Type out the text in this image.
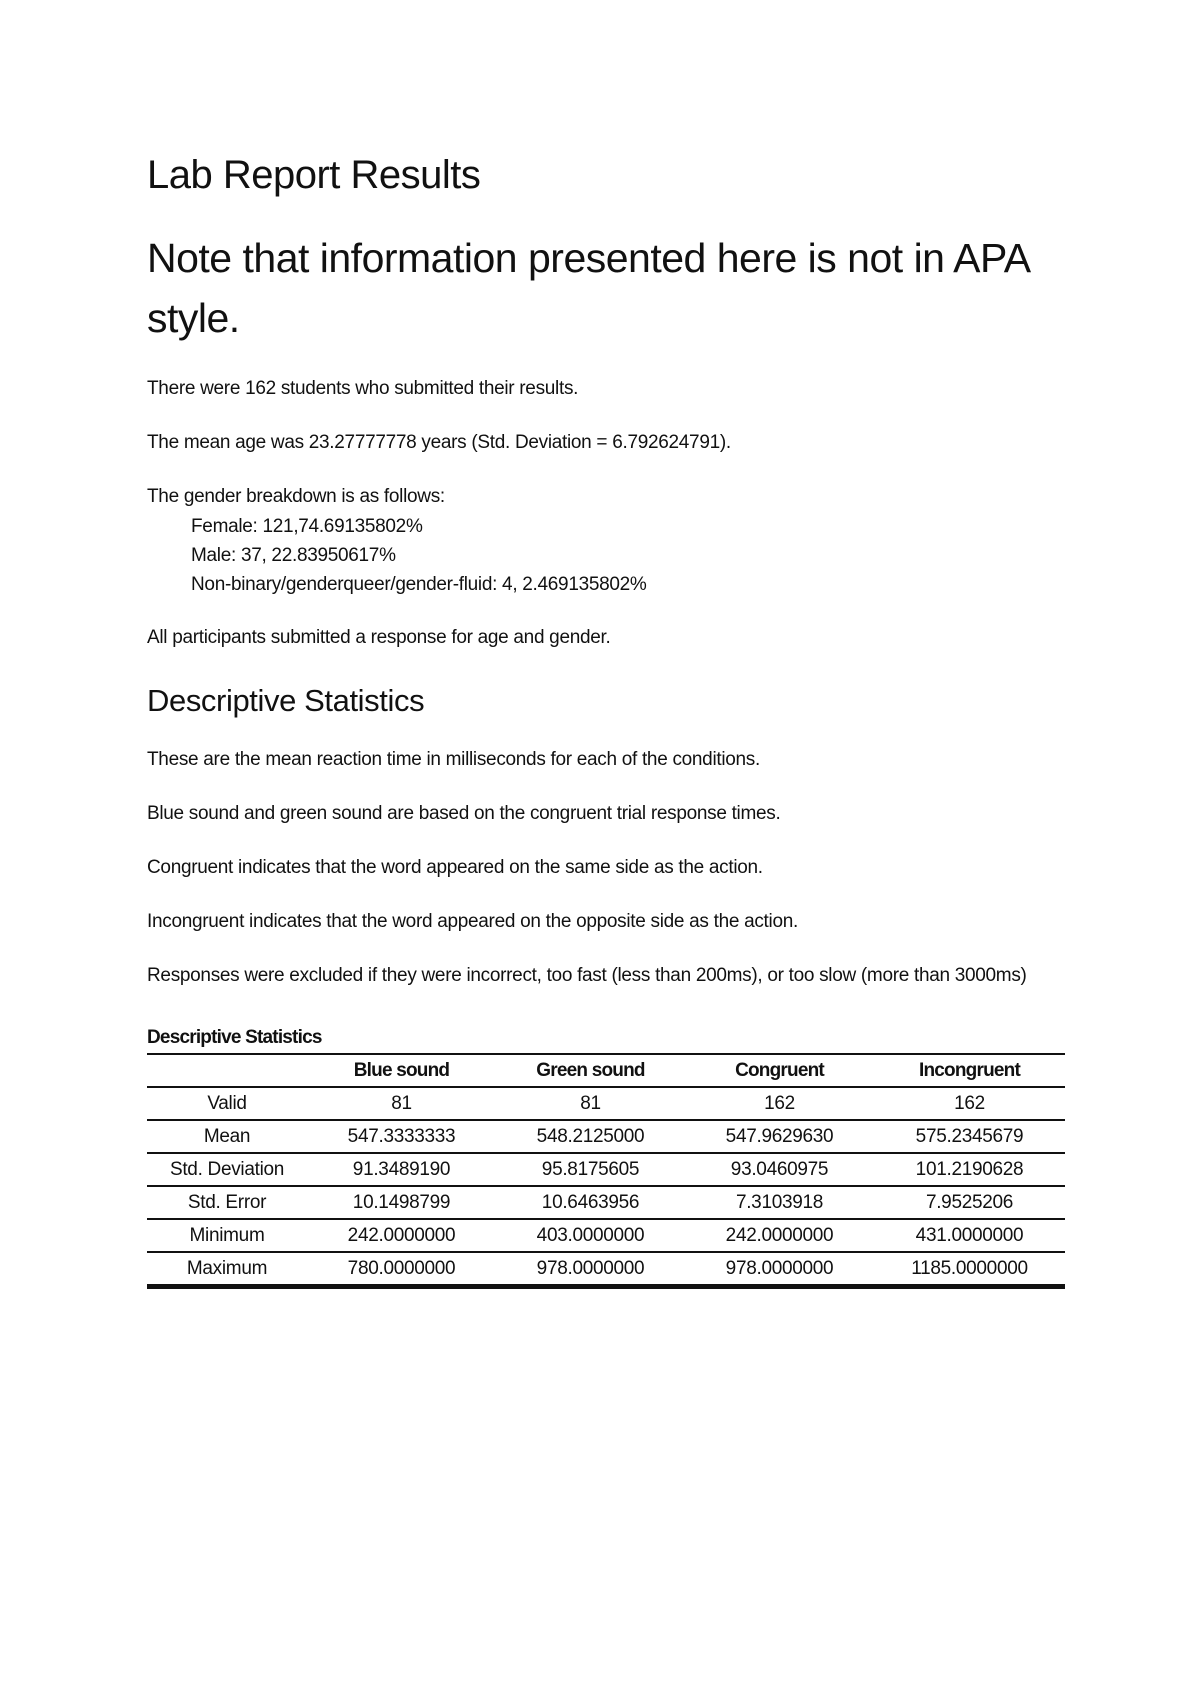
Lab Report Results
Note that information presented here is not in APA style.

There were 162 students who submitted their results.

The mean age was 23.27777778 years (Std. Deviation = 6.792624791).

The gender breakdown is as follows:

Female: 121,74.69135802%
Male: 37, 22.83950617%
Non-binary/genderqueer/gender-fluid: 4, 2.469135802%

All participants submitted a response for age and gender.

Descriptive Statistics

These are the mean reaction time in milliseconds for each of the conditions.

Blue sound and green sound are based on the congruent trial response times.

Congruent indicates that the word appeared on the same side as the action.

Incongruent indicates that the word appeared on the opposite side as the action.

Responses were excluded if they were incorrect, too fast (less than 200ms), or too slow (more than 3000ms)

Descriptive Statistics
	Blue sound	Green sound	Congruent	Incongruent
Valid	81	81	162	162
Mean	547.3333333	548.2125000	547.9629630	575.2345679
Std. Deviation	91.3489190	95.8175605	93.0460975	101.2190628
Std. Error	10.1498799	10.6463956	7.3103918	7.9525206
Minimum	242.0000000	403.0000000	242.0000000	431.0000000
Maximum	780.0000000	978.0000000	978.0000000	1185.0000000
